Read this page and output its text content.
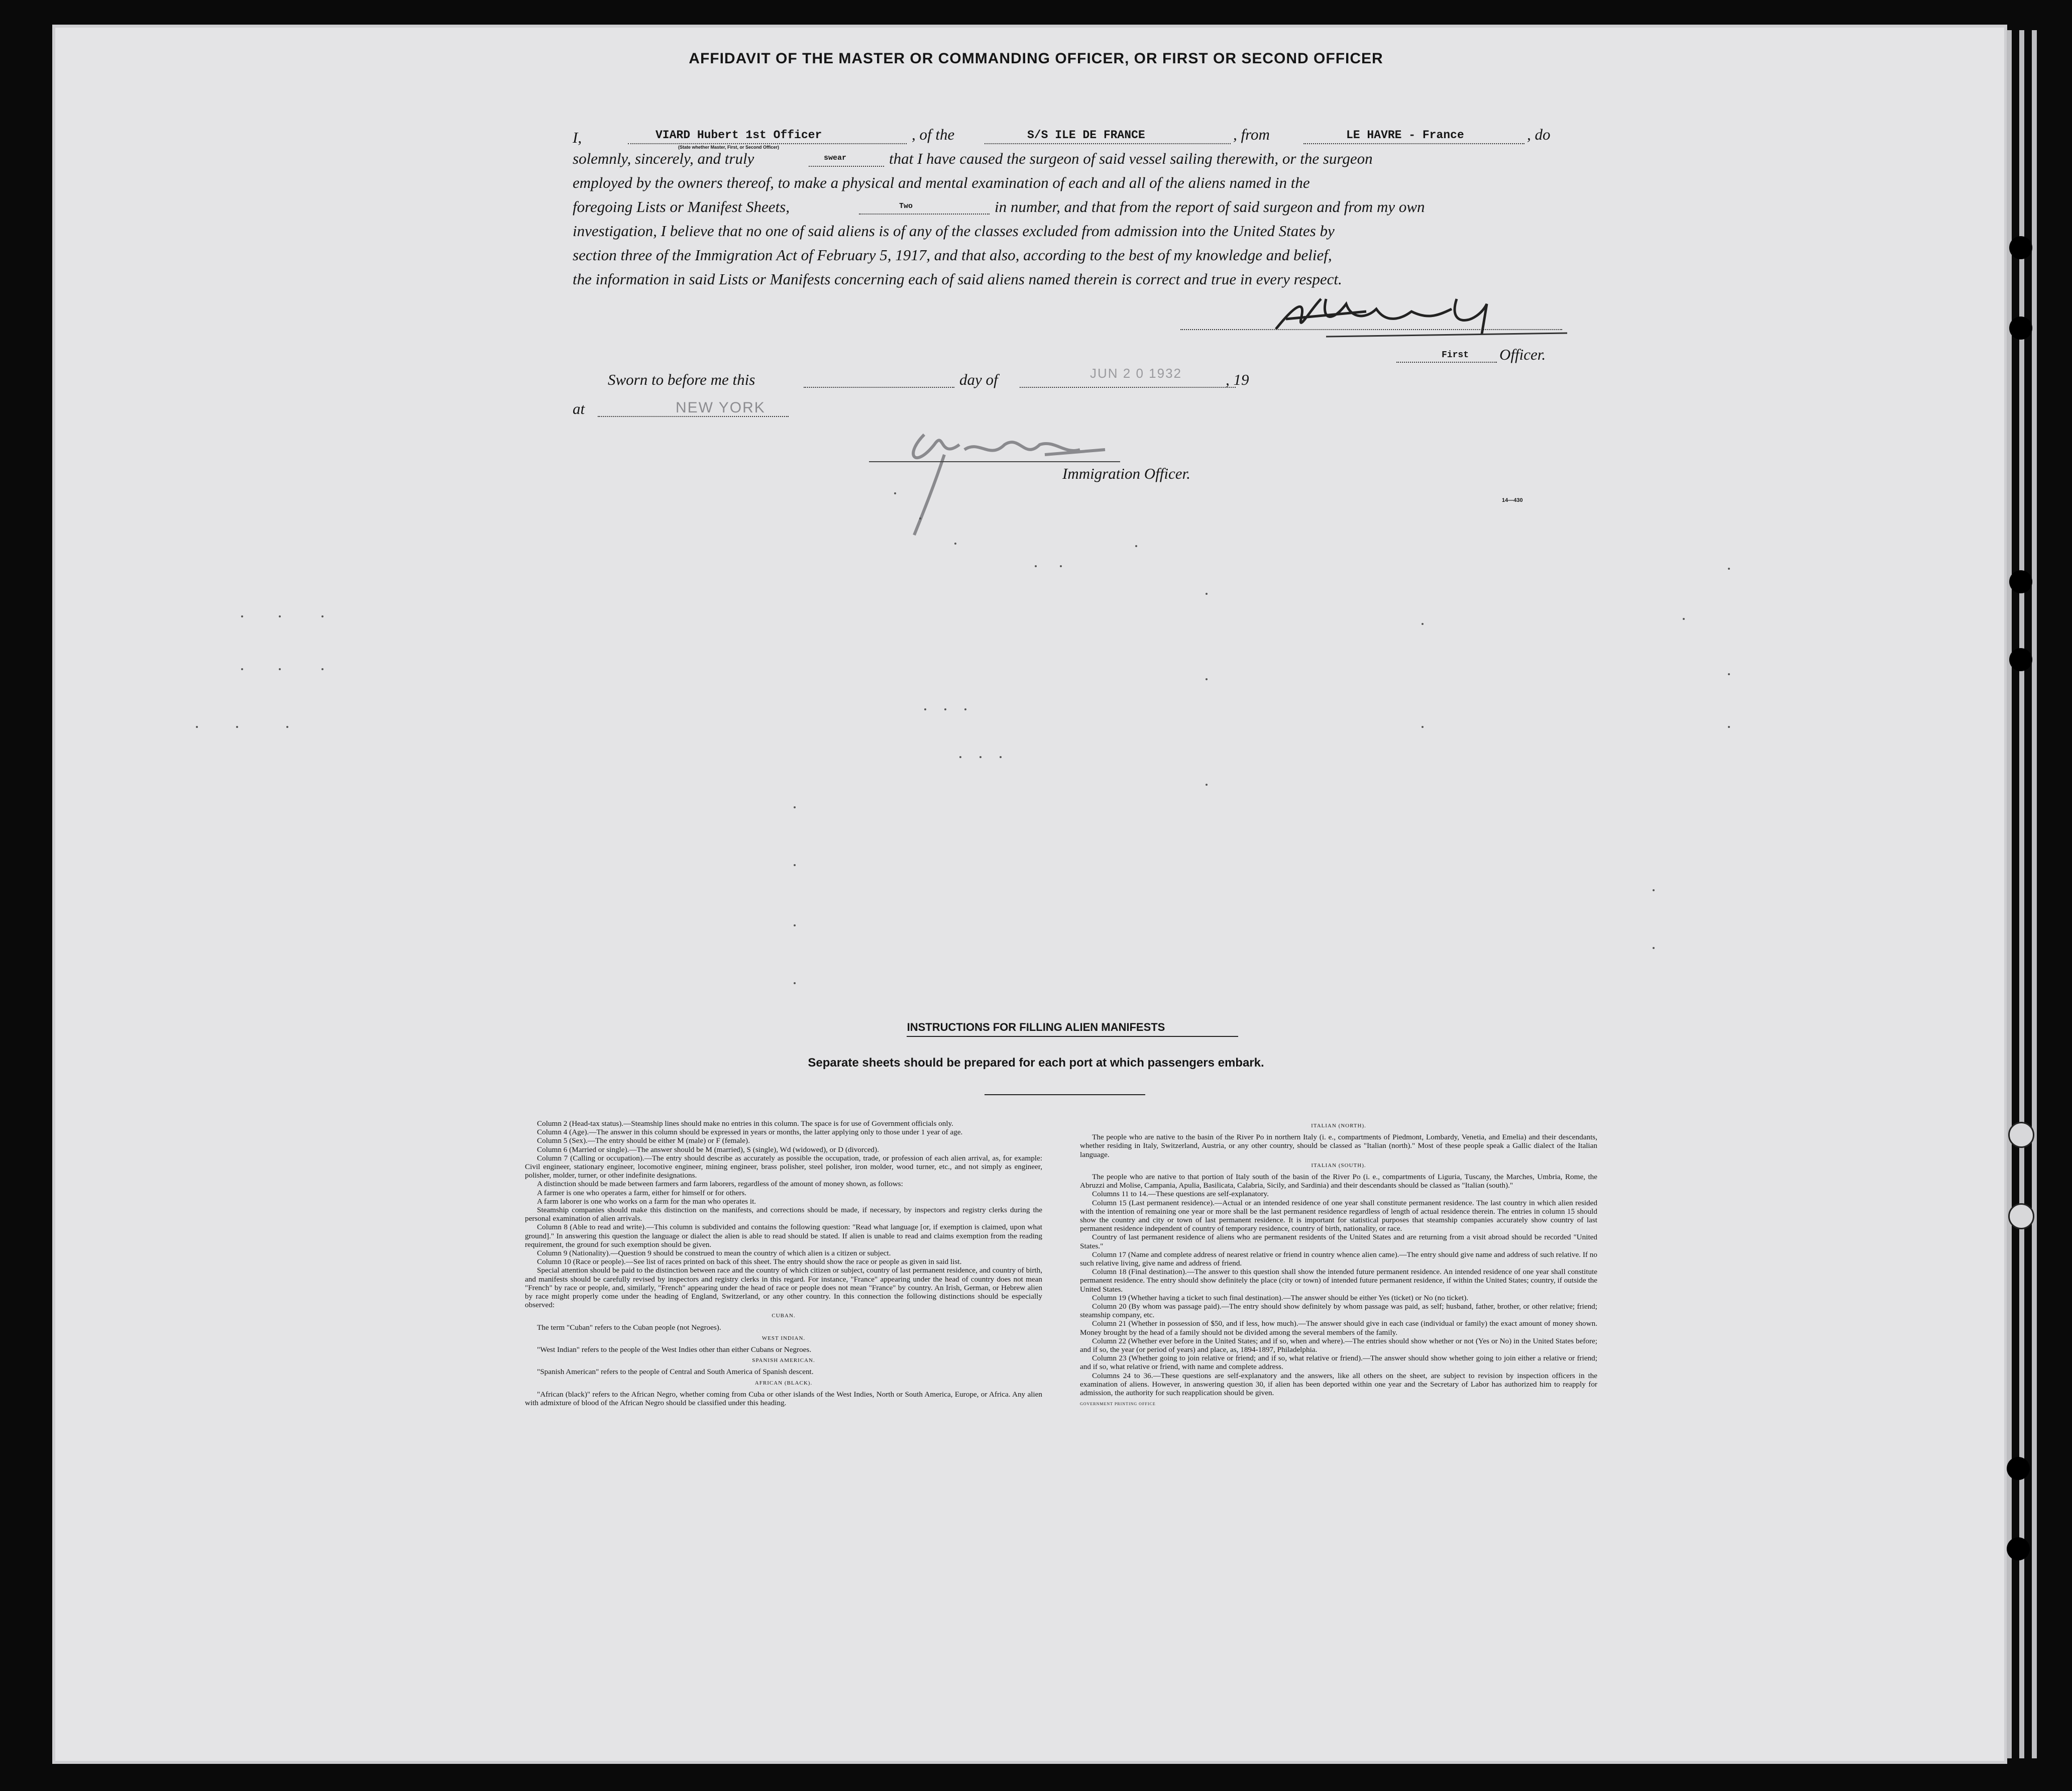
AFFIDAVIT OF THE MASTER OR COMMANDING OFFICER, OR FIRST OR SECOND OFFICER
I,	VIARD Hubert 1st Officer
(State whether Master, First, or Second Officer)
, of the	S/S ILE DE FRANCE	, from	LE HAVRE - France	, do
solemnly, sincerely, and truly	swear	that I have caused the surgeon of said vessel sailing therewith, or the surgeon
employed by the owners thereof, to make a physical and mental examination of each and all of the aliens named in the
foregoing Lists or Manifest Sheets,	Two	in number, and that from the report of said surgeon and from my own
investigation, I believe that no one of said aliens is of any of the classes excluded from admission into the United States by
section three of the Immigration Act of February 5, 1917, and that also, according to the best of my knowledge and belief,
the information in said Lists or Manifests concerning each of said aliens named therein is correct and true in every respect.
First Officer.
Sworn to before me this	day of	JUN 2 0 1932	, 19
at	NEW YORK
Immigration Officer.
14—430
INSTRUCTIONS FOR FILLING ALIEN MANIFESTS
Separate sheets should be prepared for each port at which passengers embark.

Column 2 (Head-tax status).—Steamship lines should make no entries in this column. The space is for use of Government officials only.

Column 4 (Age).—The answer in this column should be expressed in years or months, the latter applying only to those under 1 year of age.

Column 5 (Sex).—The entry should be either M (male) or F (female).

Column 6 (Married or single).—The answer should be M (married), S (single), Wd (widowed), or D (divorced).

Column 7 (Calling or occupation).—The entry should describe as accurately as possible the occupation, trade, or profession of each alien arrival, as, for example: Civil engineer, stationary engineer, locomotive engineer, mining engineer, brass polisher, steel polisher, iron molder, wood turner, etc., and not simply as engineer, polisher, molder, turner, or other indefinite designations.

A distinction should be made between farmers and farm laborers, regardless of the amount of money shown, as follows:

A farmer is one who operates a farm, either for himself or for others.

A farm laborer is one who works on a farm for the man who operates it.

Steamship companies should make this distinction on the manifests, and corrections should be made, if necessary, by inspectors and registry clerks during the personal examination of alien arrivals.

Column 8 (Able to read and write).—This column is subdivided and contains the following question: "Read what language [or, if exemption is claimed, upon what ground]." In answering this question the language or dialect the alien is able to read should be stated. If alien is unable to read and claims exemption from the reading requirement, the ground for such exemption should be given.

Column 9 (Nationality).—Question 9 should be construed to mean the country of which alien is a citizen or subject.

Column 10 (Race or people).—See list of races printed on back of this sheet. The entry should show the race or people as given in said list.

Special attention should be paid to the distinction between race and the country of which citizen or subject, country of last permanent residence, and country of birth, and manifests should be carefully revised by inspectors and registry clerks in this regard. For instance, "France" appearing under the head of country does not mean "French" by race or people, and, similarly, "French" appearing under the head of race or people does not mean "France" by country. An Irish, German, or Hebrew alien by race might properly come under the heading of England, Switzerland, or any other country. In this connection the following distinctions should be especially observed:

CUBAN.

The term "Cuban" refers to the Cuban people (not Negroes).

WEST INDIAN.

"West Indian" refers to the people of the West Indies other than either Cubans or Negroes.

SPANISH AMERICAN.

"Spanish American" refers to the people of Central and South America of Spanish descent.

AFRICAN (BLACK).

"African (black)" refers to the African Negro, whether coming from Cuba or other islands of the West Indies, North or South America, Europe, or Africa. Any alien with admixture of blood of the African Negro should be classified under this heading.

ITALIAN (NORTH).

The people who are native to the basin of the River Po in northern Italy (i. e., compartments of Piedmont, Lombardy, Venetia, and Emelia) and their descendants, whether residing in Italy, Switzerland, Austria, or any other country, should be classed as "Italian (north)." Most of these people speak a Gallic dialect of the Italian language.

ITALIAN (SOUTH).

The people who are native to that portion of Italy south of the basin of the River Po (i. e., compartments of Liguria, Tuscany, the Marches, Umbria, Rome, the Abruzzi and Molise, Campania, Apulia, Basilicata, Calabria, Sicily, and Sardinia) and their descendants should be classed as "Italian (south)."

Columns 11 to 14.—These questions are self-explanatory.

Column 15 (Last permanent residence).—Actual or an intended residence of one year shall constitute permanent residence. The last country in which alien resided with the intention of remaining one year or more shall be the last permanent residence regardless of length of actual residence therein. The entries in column 15 should show the country and city or town of last permanent residence. It is important for statistical purposes that steamship companies accurately show country of last permanent residence independent of country of temporary residence, country of birth, nationality, or race.

Country of last permanent residence of aliens who are permanent residents of the United States and are returning from a visit abroad should be recorded "United States."

Column 17 (Name and complete address of nearest relative or friend in country whence alien came).—The entry should give name and address of such relative. If no such relative living, give name and address of friend.

Column 18 (Final destination).—The answer to this question shall show the intended future permanent residence. An intended residence of one year shall constitute permanent residence. The entry should show definitely the place (city or town) of intended future permanent residence, if within the United States; country, if outside the United States.

Column 19 (Whether having a ticket to such final destination).—The answer should be either Yes (ticket) or No (no ticket).

Column 20 (By whom was passage paid).—The entry should show definitely by whom passage was paid, as self; husband, father, brother, or other relative; friend; steamship company, etc.

Column 21 (Whether in possession of $50, and if less, how much).—The answer should give in each case (individual or family) the exact amount of money shown. Money brought by the head of a family should not be divided among the several members of the family.

Column 22 (Whether ever before in the United States; and if so, when and where).—The entries should show whether or not (Yes or No) in the United States before; and if so, the year (or period of years) and place, as, 1894-1897, Philadelphia.

Column 23 (Whether going to join relative or friend; and if so, what relative or friend).—The answer should show whether going to join either a relative or friend; and if so, what relative or friend, with name and complete address.

Columns 24 to 36.—These questions are self-explanatory and the answers, like all others on the sheet, are subject to revision by inspection officers in the examination of aliens. However, in answering question 30, if alien has been deported within one year and the Secretary of Labor has authorized him to reapply for admission, the authority for such reapplication should be given.

GOVERNMENT PRINTING OFFICE
